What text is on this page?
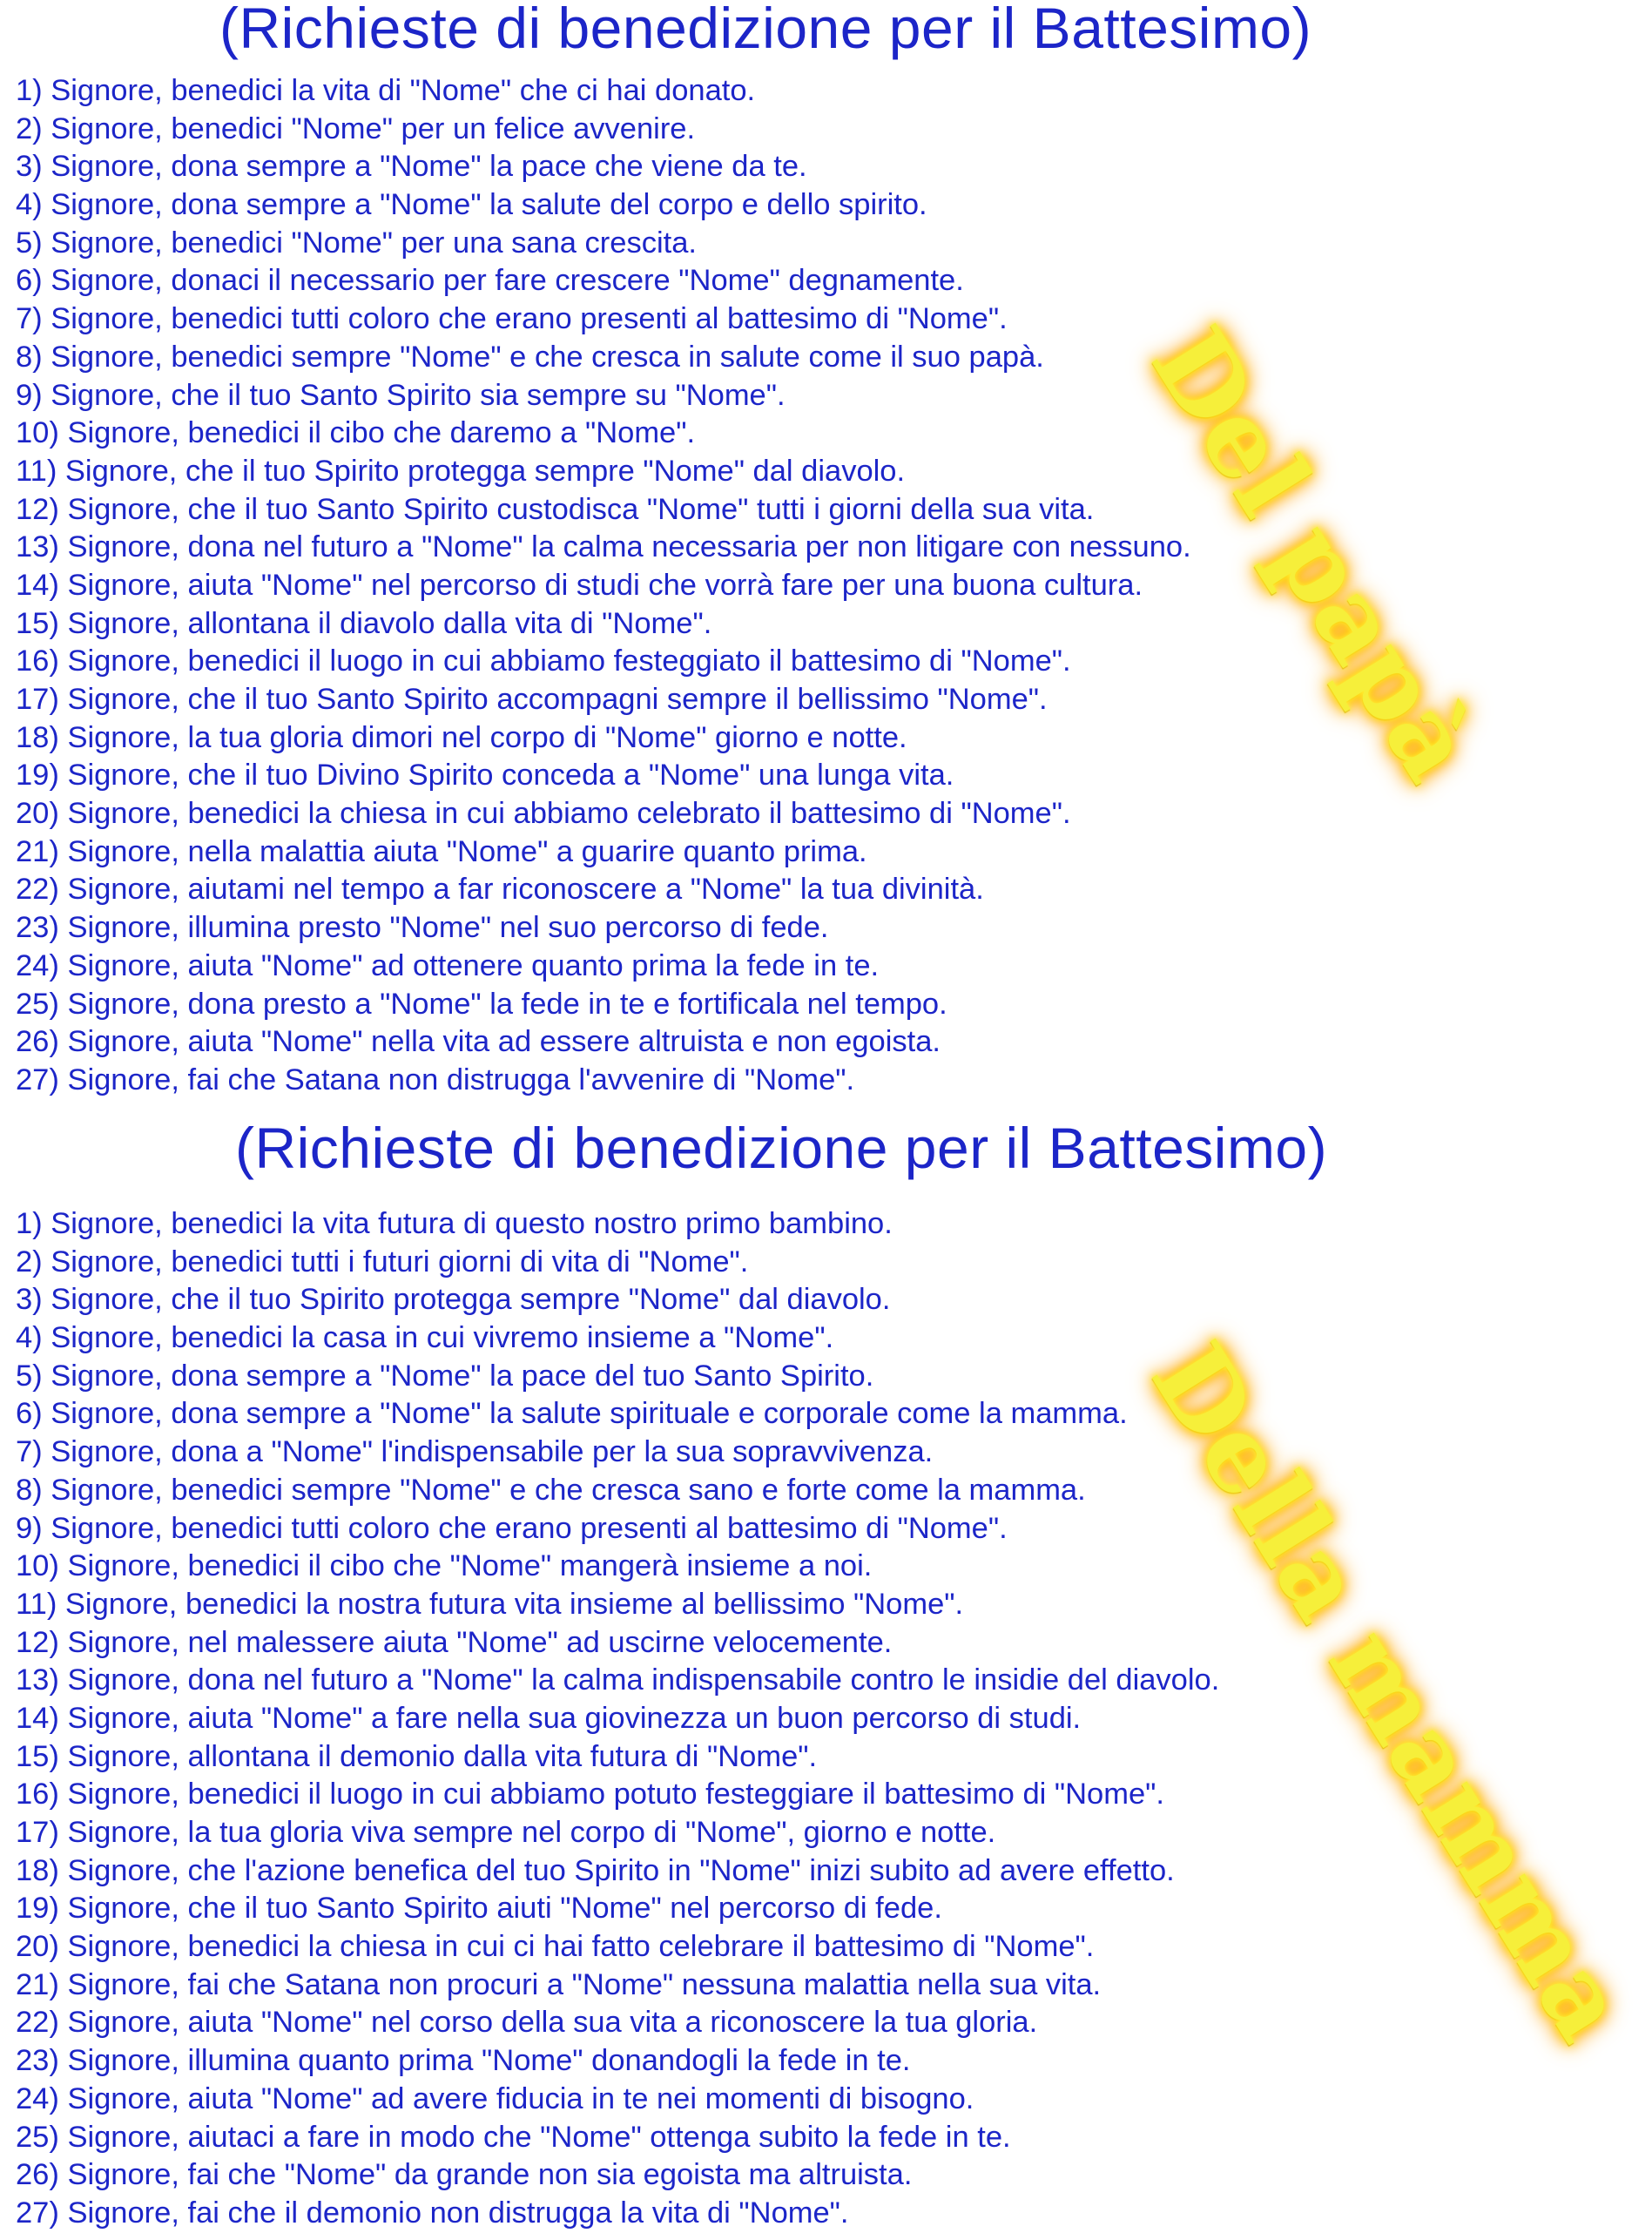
(Richieste di benedizione per il Battesimo)
1) Signore, benedici la vita di "Nome" che ci hai donato.
2) Signore, benedici "Nome" per un felice avvenire.
3) Signore, dona sempre a "Nome" la pace che viene da te.
4) Signore, dona sempre a "Nome" la salute del corpo e dello spirito.
5) Signore, benedici "Nome" per una sana crescita.
6) Signore, donaci il necessario per fare crescere "Nome" degnamente.
7) Signore, benedici tutti coloro che erano presenti al battesimo di "Nome".
8) Signore, benedici sempre "Nome" e che cresca in salute come il suo papà.
9) Signore, che il tuo Santo Spirito sia sempre su "Nome".
10) Signore, benedici il cibo che daremo a "Nome".
11) Signore, che il tuo Spirito protegga sempre "Nome" dal diavolo.
12) Signore, che il tuo Santo Spirito custodisca "Nome" tutti i giorni della sua vita.
13) Signore, dona nel futuro a "Nome" la calma necessaria per non litigare con nessuno.
14) Signore, aiuta "Nome" nel percorso di studi che vorrà fare per una buona cultura.
15) Signore, allontana il diavolo dalla vita di "Nome".
16) Signore, benedici il luogo in cui abbiamo festeggiato il battesimo di "Nome".
17) Signore, che il tuo Santo Spirito accompagni sempre il bellissimo "Nome".
18) Signore, la tua gloria dimori nel corpo di "Nome" giorno e notte.
19) Signore, che il tuo Divino Spirito conceda a "Nome" una lunga vita.
20) Signore, benedici la chiesa in cui abbiamo celebrato il battesimo di "Nome".
21) Signore, nella malattia aiuta "Nome" a guarire quanto prima.
22) Signore, aiutami nel tempo a far riconoscere a "Nome" la tua divinità.
23) Signore, illumina presto "Nome" nel suo percorso di fede.
24) Signore, aiuta "Nome" ad ottenere quanto prima la fede in te.
25) Signore, dona presto a "Nome" la fede in te e fortificala nel tempo.
26) Signore, aiuta "Nome" nella vita ad essere altruista e non egoista.
27) Signore, fai che Satana non distrugga l'avvenire di "Nome".
Del papà
(Richieste di benedizione per il Battesimo)
1) Signore, benedici la vita futura di questo nostro primo bambino.
2) Signore, benedici tutti i futuri giorni di vita di "Nome".
3) Signore, che il tuo Spirito protegga sempre "Nome" dal diavolo.
4) Signore, benedici la casa in cui vivremo insieme a "Nome".
5) Signore, dona sempre a "Nome" la pace del tuo Santo Spirito.
6) Signore, dona sempre a "Nome" la salute spirituale e corporale come la mamma.
7) Signore, dona a "Nome" l'indispensabile per la sua sopravvivenza.
8) Signore, benedici sempre "Nome" e che cresca sano e forte come la mamma.
9) Signore, benedici tutti coloro che erano presenti al battesimo di "Nome".
10) Signore, benedici il cibo che "Nome" mangerà insieme a noi.
11) Signore, benedici la nostra futura vita insieme al bellissimo "Nome".
12) Signore, nel malessere aiuta "Nome" ad uscirne velocemente.
13) Signore, dona nel futuro a "Nome" la calma indispensabile contro le insidie del diavolo.
14) Signore, aiuta "Nome" a fare nella sua giovinezza un buon percorso di studi.
15) Signore, allontana il demonio dalla vita futura di "Nome".
16) Signore, benedici il luogo in cui abbiamo potuto festeggiare il battesimo di "Nome".
17) Signore, la tua gloria viva sempre nel corpo di "Nome", giorno e notte.
18) Signore, che l'azione benefica del tuo Spirito in "Nome" inizi subito ad avere effetto.
19) Signore, che il tuo Santo Spirito aiuti "Nome" nel percorso di fede.
20) Signore, benedici la chiesa in cui ci hai fatto celebrare il battesimo di "Nome".
21) Signore, fai che Satana non procuri a "Nome" nessuna malattia nella sua vita.
22) Signore, aiuta "Nome" nel corso della sua vita a riconoscere la tua gloria.
23) Signore, illumina quanto prima "Nome" donandogli la fede in te.
24) Signore, aiuta "Nome" ad avere fiducia in te nei momenti di bisogno.
25) Signore, aiutaci a fare in modo che "Nome" ottenga subito la fede in te.
26) Signore, fai che "Nome" da grande non sia egoista ma altruista.
27) Signore, fai che il demonio non distrugga la vita di "Nome".
Della mamma
